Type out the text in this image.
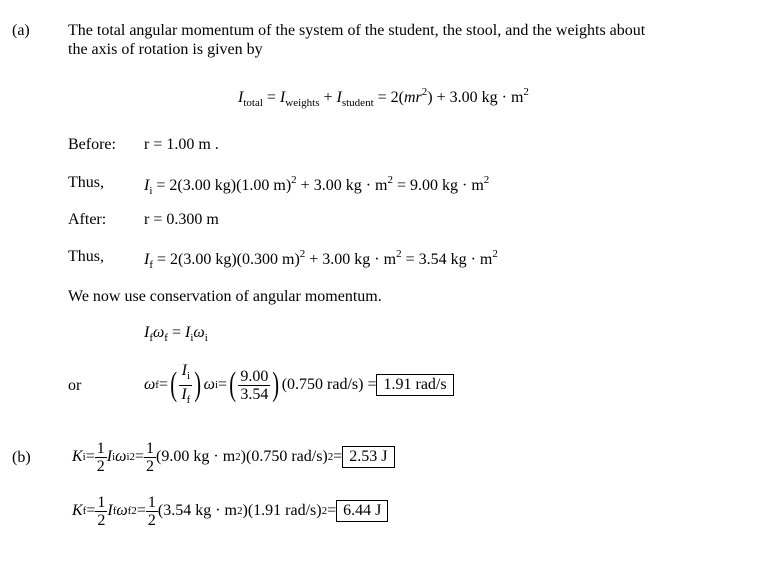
(a) The total angular momentum of the system of the student, the stool, and the weights about
the axis of rotation is given by
$I_{total} = I_{weights} + I_{student} = 2(mr^2) + 3.00$ kg · $m^2$
Before: r = 1.00 m .
Thus,	$I_i = 2(3.00$ kg)(1.00 m)$^2$ + 3.00 kg · $m^2 = 9.00$ kg · $m^2$
After: r = 0.300 m
Thus,	$I_f = 2(3.00$ kg)(0.300 m)$^2$ + 3.00 kg · $m^2 = 3.54$ kg · $m^2$
We now use conservation of angular momentum.
$I_f\omega_f = I_i\omega_i$
or	ω f = ( $\frac{I_i}{I_f}$ ) ω i = ( $\frac{9.00}{3.54}$ ) (0.750 rad/s) = 1.91 rad/s
(b)	K $i = \frac{1}{2}$ I i ω i $2 = \frac{1}{2} (9.00$ kg · m 2 )(0.750 rad/s) 2 = 2.53 J
K $f = \frac{1}{2}$ I f ω f $2 = \frac{1}{2} (3.54$ kg · m 2 )(1.91 rad/s) 2 = 6.44 J
